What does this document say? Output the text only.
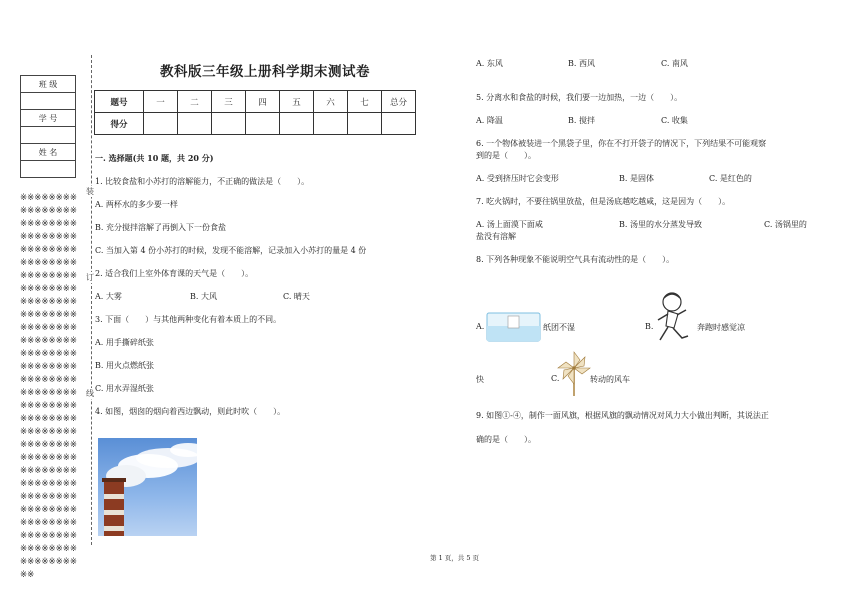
班 级

学 号

姓 名

※※※※※※※※※※※※※※※※※※※※※※※※※※※※※※※※※※※※※※※※※※※※※※※※※※※※※※※※※※※※※※※※※※※※※※※※※※※※※※※※※※※※※※※※※※※※※※※※※※※※※※※※※※※※※※※※※※※※※※※※※※※※※※※※※※※※※※※※※※※※※※※※※※※※※※※※※※※※※※※※※※※※※※※※※※※※※※※※※※※※※※※※※※※※※※※※※※※※※※※※※※※※※※※※※※※※※※※※※※※※※※※※※※※※※※※※※※
装
订
线
教科版三年级上册科学期末测试卷
题号	一	二	三	四	五	六	七	总分
得分								
一. 选择题(共 10 题，共 20 分)
1. 比较食盐和小苏打的溶解能力，不正确的做法是（　　）。
A. 两杯水的多少要一样
B. 充分搅拌溶解了再倒入下一份食盐
C. 当加入第 4 份小苏打的时候，发现不能溶解，记录加入小苏打的量是 4 份
2. 适合我们上室外体育课的天气是（　　）。
A. 大雾	B. 大风	C. 晴天
3. 下面（　　）与其他两种变化有着本质上的不同。
A. 用手撕碎纸张
B. 用火点燃纸张
C. 用水弄湿纸张
4. 如图，烟囱的烟向着西边飘动，则此时吹（　　）。
A. 东风	B. 西风	C. 南风
5. 分离水和食盐的时候，我们要一边加热，一边（　　）。
A. 降温	B. 搅拌	C. 收集
6. 一个物体被装进一个黑袋子里，你在不打开袋子的情况下，下列结果不可能观察
到的是（　　）。
A. 受到挤压时它会变形	B. 是固体	C. 是红色的
7. 吃火锅时，不要往锅里放盐，但是汤底越吃越咸，这是因为（　　）。
A. 汤上面漠下面咸	B. 汤里的水分蒸发导致	C. 汤锅里的
盐没有溶解
8. 下列各种现象不能说明空气具有流动性的是（　　）。
A.	纸团不湿	B.	奔跑时感觉凉
快	C.	转动的风车
9. 如图①-④，制作一面风旗，根据风旗的飘动情况对风力大小做出判断，其说法正
确的是（　　）。
第 1 页，共 5 页
